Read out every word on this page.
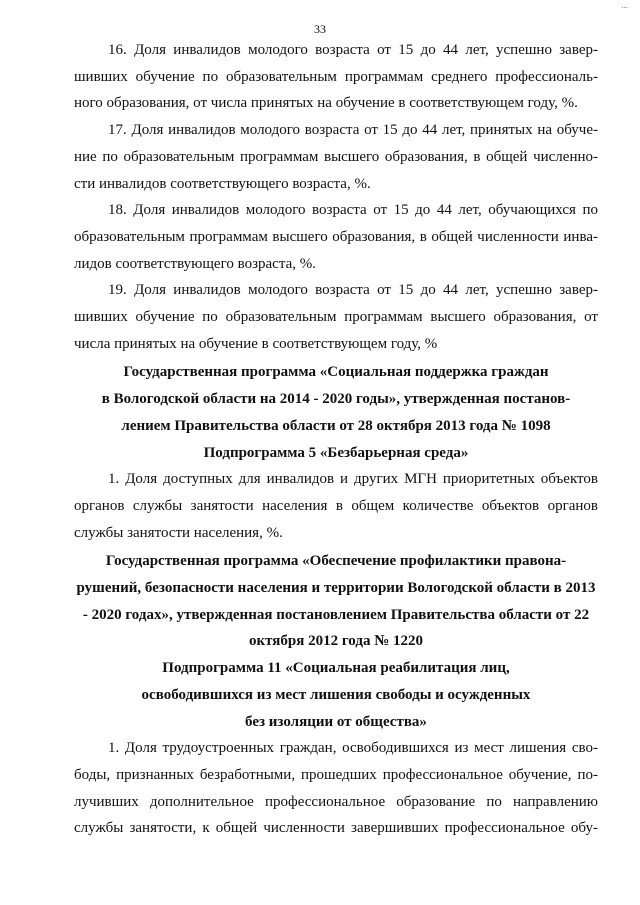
...
33
16. Доля инвалидов молодого возраста от 15 до 44 лет, успешно завер-
шивших обучение по образовательным программам среднего профессиональ-
ного образования, от числа принятых на обучение в соответствующем году, %.
17. Доля инвалидов молодого возраста от 15 до 44 лет, принятых на обуче-
ние по образовательным программам высшего образования, в общей численно-
сти инвалидов соответствующего возраста, %.
18. Доля инвалидов молодого возраста от 15 до 44 лет, обучающихся по
образовательным программам высшего образования, в общей численности инва-
лидов соответствующего возраста, %.
19. Доля инвалидов молодого возраста от 15 до 44 лет, успешно завер-
шивших обучение по образовательным программам высшего образования, от
числа принятых на обучение в соответствующем году, %
Государственная программа «Социальная поддержка граждан
в Вологодской области на 2014 - 2020 годы», утвержденная постанов-
лением Правительства области от 28 октября 2013 года № 1098
Подпрограмма 5 «Безбарьерная среда»
1. Доля доступных для инвалидов и других МГН приоритетных объектов
органов службы занятости населения в общем количестве объектов органов
службы занятости населения, %.
Государственная программа «Обеспечение профилактики правона-
рушений, безопасности населения и территории Вологодской области в 2013
- 2020 годах», утвержденная постановлением Правительства области от 22
октября 2012 года № 1220
Подпрограмма 11 «Социальная реабилитация лиц,
освободившихся из мест лишения свободы и осужденных
без изоляции от общества»
1. Доля трудоустроенных граждан, освободившихся из мест лишения сво-
боды, признанных безработными, прошедших профессиональное обучение, по-
лучивших дополнительное профессиональное образование по направлению
службы занятости, к общей численности завершивших профессиональное обу-
